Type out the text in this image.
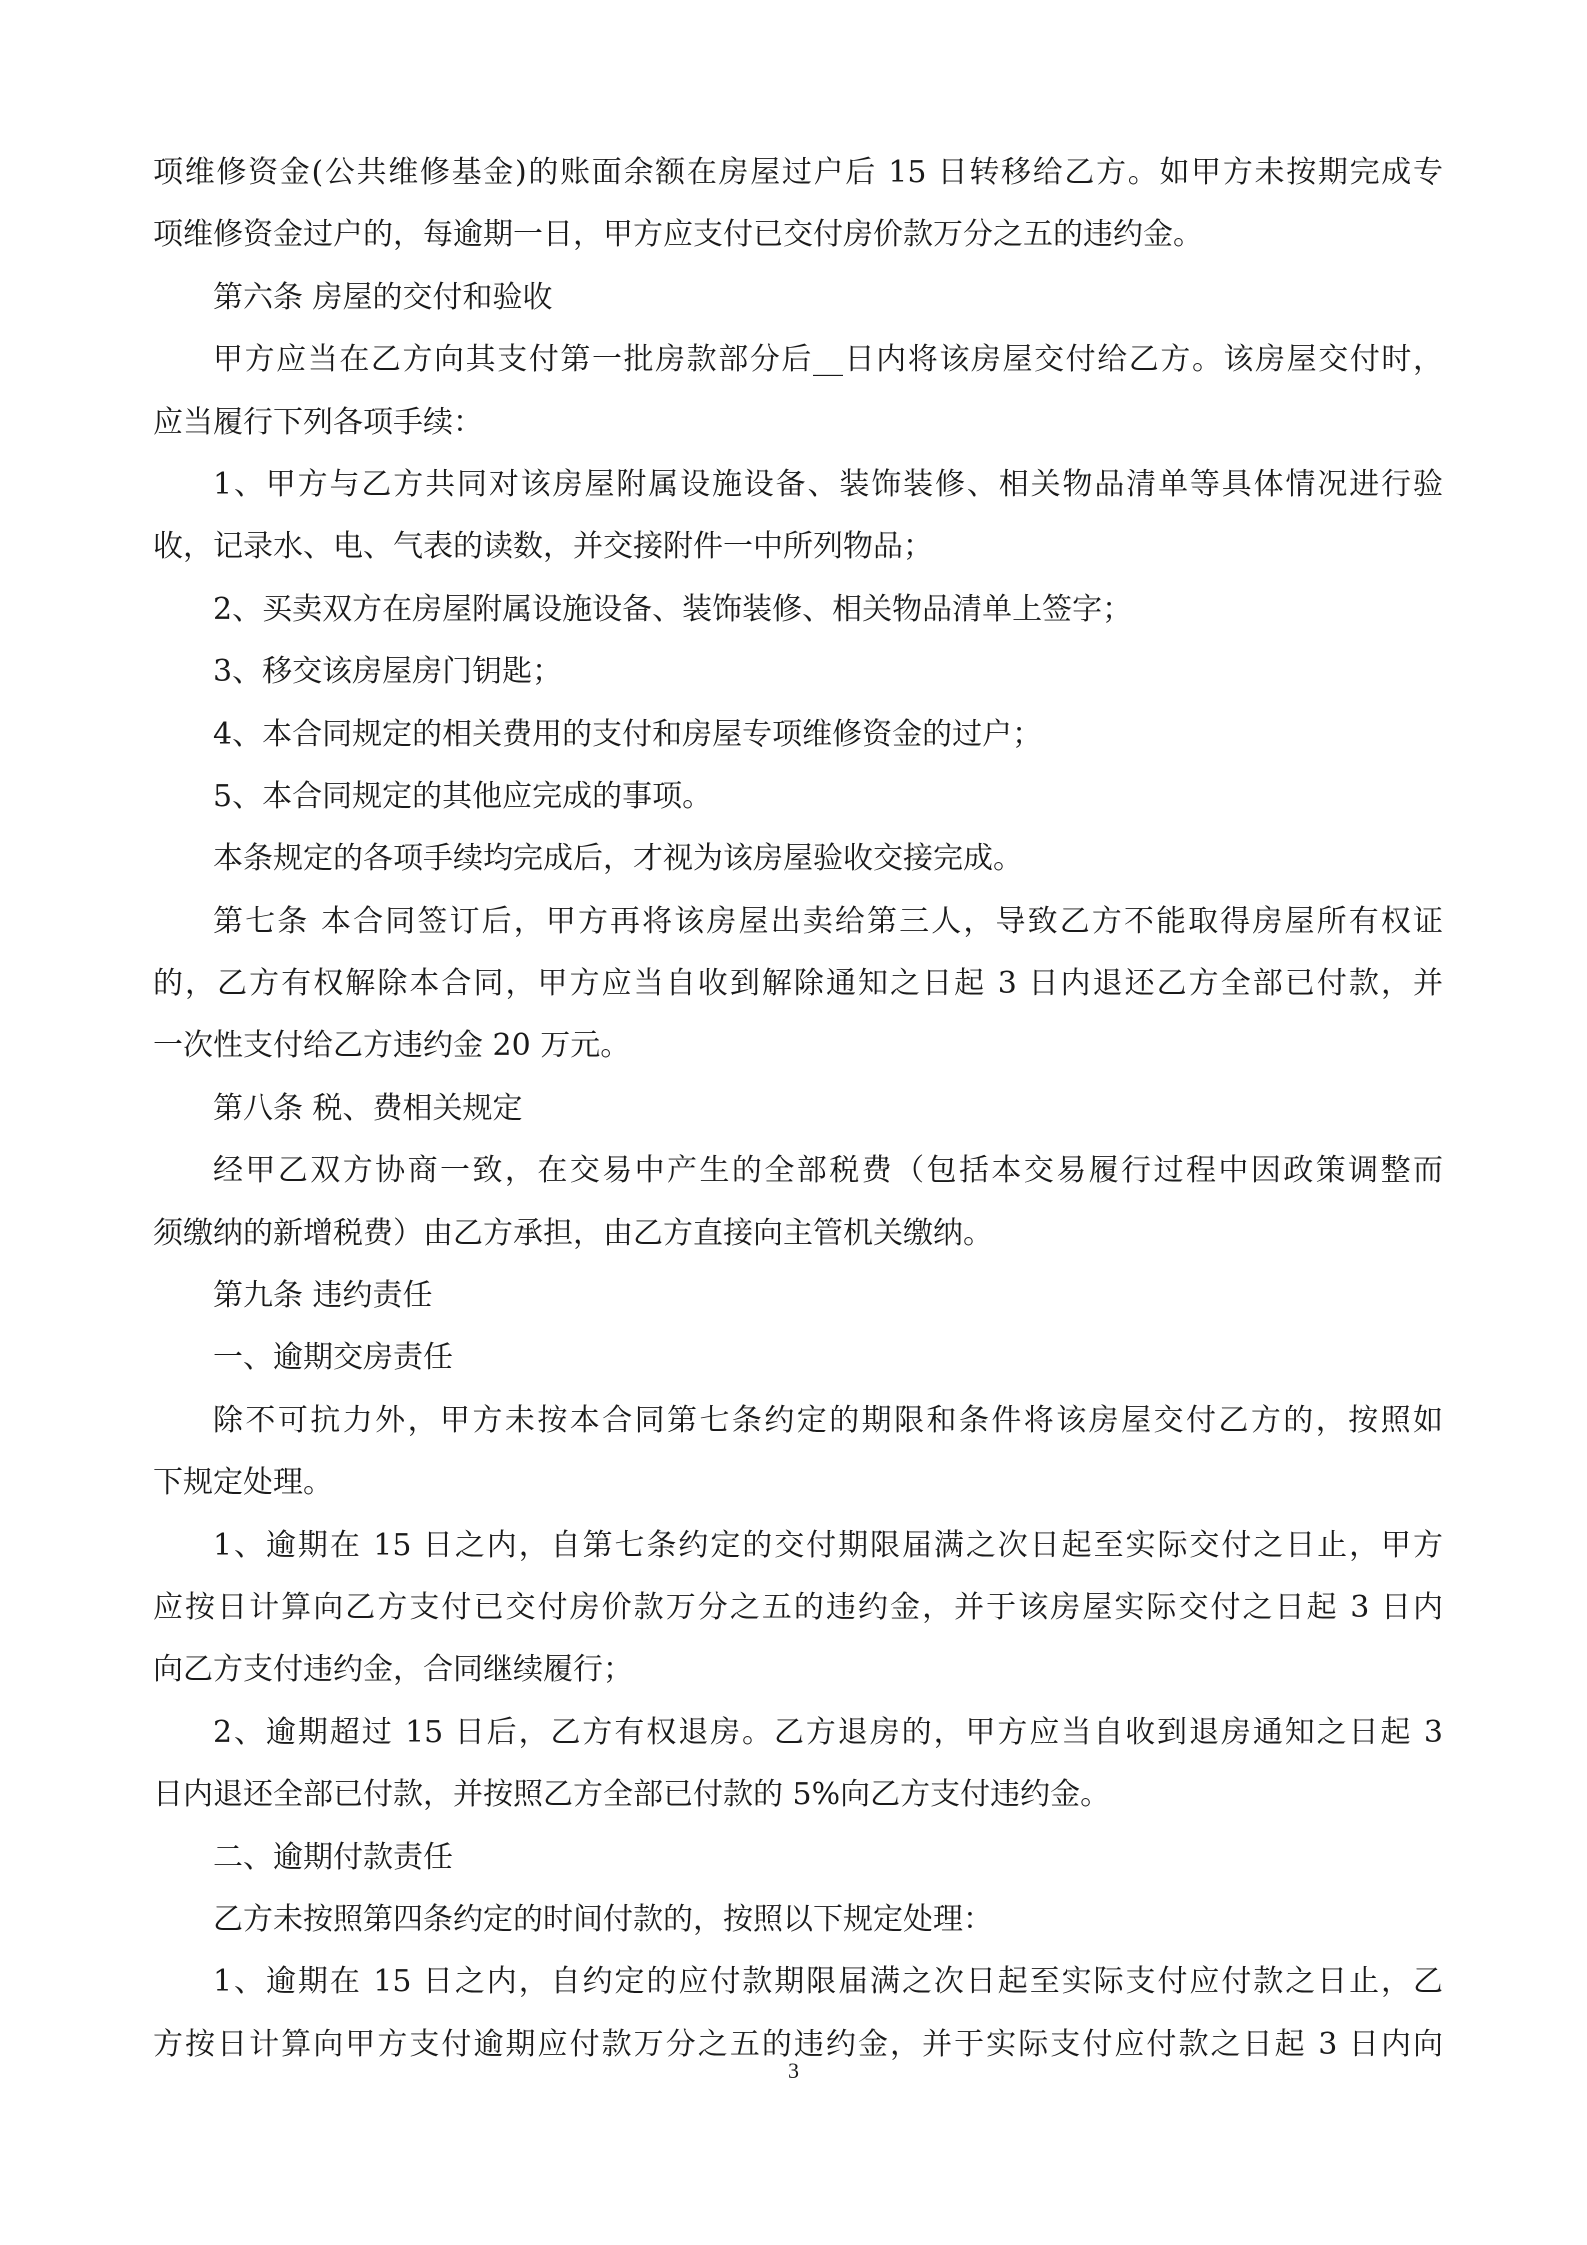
项维修资金(公共维修基金)的账面余额在房屋过户后 15 日转移给乙方。如甲方未按期完成专
项维修资金过户的，每逾期一日，甲方应支付已交付房价款万分之五的违约金。
第六条 房屋的交付和验收
甲方应当在乙方向其支付第一批房款部分后__日内将该房屋交付给乙方。该房屋交付时，
应当履行下列各项手续：
1、甲方与乙方共同对该房屋附属设施设备、装饰装修、相关物品清单等具体情况进行验
收，记录水、电、气表的读数，并交接附件一中所列物品；
2、买卖双方在房屋附属设施设备、装饰装修、相关物品清单上签字；
3、移交该房屋房门钥匙；
4、本合同规定的相关费用的支付和房屋专项维修资金的过户；
5、本合同规定的其他应完成的事项。
本条规定的各项手续均完成后，才视为该房屋验收交接完成。
第七条 本合同签订后，甲方再将该房屋出卖给第三人，导致乙方不能取得房屋所有权证
的，乙方有权解除本合同，甲方应当自收到解除通知之日起 3 日内退还乙方全部已付款，并
一次性支付给乙方违约金 20 万元。
第八条 税、费相关规定
经甲乙双方协商一致，在交易中产生的全部税费（包括本交易履行过程中因政策调整而
须缴纳的新增税费）由乙方承担，由乙方直接向主管机关缴纳。
第九条 违约责任
一、逾期交房责任
除不可抗力外，甲方未按本合同第七条约定的期限和条件将该房屋交付乙方的，按照如
下规定处理。
1、逾期在 15 日之内，自第七条约定的交付期限届满之次日起至实际交付之日止，甲方
应按日计算向乙方支付已交付房价款万分之五的违约金，并于该房屋实际交付之日起 3 日内
向乙方支付违约金，合同继续履行；
2、逾期超过 15 日后，乙方有权退房。乙方退房的，甲方应当自收到退房通知之日起 3
日内退还全部已付款，并按照乙方全部已付款的 5%向乙方支付违约金。
二、逾期付款责任
乙方未按照第四条约定的时间付款的，按照以下规定处理：
1、逾期在 15 日之内，自约定的应付款期限届满之次日起至实际支付应付款之日止，乙
方按日计算向甲方支付逾期应付款万分之五的违约金，并于实际支付应付款之日起 3 日内向
3
